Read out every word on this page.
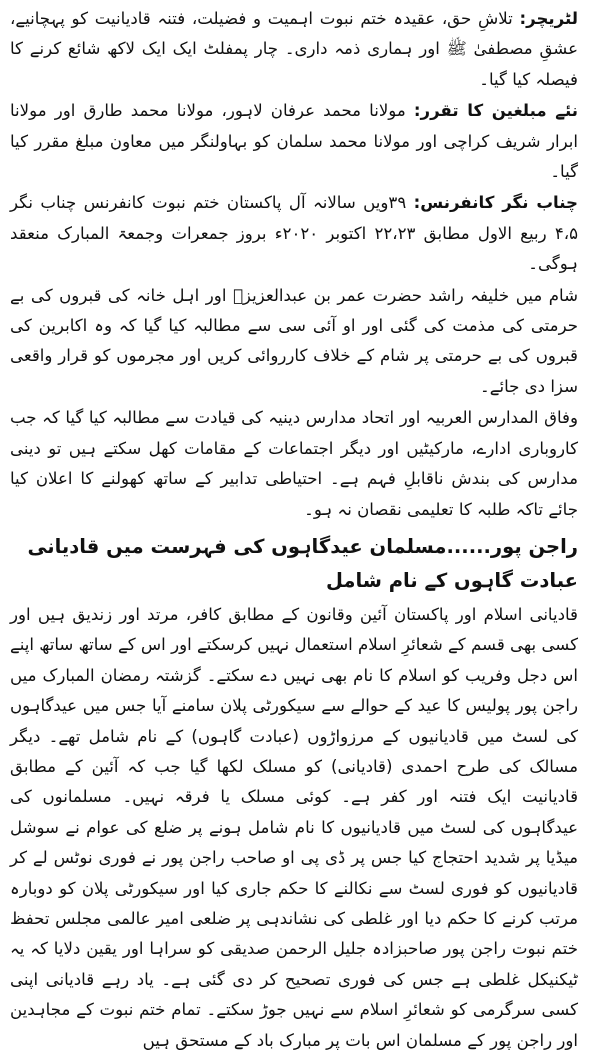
لٹریچر: تلاشِ حق، عقیدہ ختم نبوت اہمیت و فضیلت، فتنہ قادیانیت کو پہچانیے، عشقِ مصطفیٰ ﷺ اور ہماری ذمہ داری۔ چار پمفلٹ ایک ایک لاکھ شائع کرنے کا فیصلہ کیا گیا۔

نئے مبلغین کا تقرر: مولانا محمد عرفان لاہور، مولانا محمد طارق اور مولانا ابرار شریف کراچی اور مولانا محمد سلمان کو بہاولنگر میں معاون مبلغ مقرر کیا گیا۔

چناب نگر کانفرنس: ۳۹ویں سالانہ آل پاکستان ختم نبوت کانفرنس چناب نگر ۴،۵ ربیع الاول مطابق ۲۲،۲۳ اکتوبر ۲۰۲۰ء بروز جمعرات وجمعۃ المبارک منعقد ہوگی۔

شام میں خلیفہ راشد حضرت عمر بن عبدالعزیزؒ اور اہل خانہ کی قبروں کی بے حرمتی کی مذمت کی گئی اور او آئی سی سے مطالبہ کیا گیا کہ وہ اکابرین کی قبروں کی بے حرمتی پر شام کے خلاف کارروائی کریں اور مجرموں کو قرار واقعی سزا دی جائے۔

وفاق المدارس العربیہ اور اتحاد مدارس دینیہ کی قیادت سے مطالبہ کیا گیا کہ جب کاروباری ادارے، مارکیٹیں اور دیگر اجتماعات کے مقامات کھل سکتے ہیں تو دینی مدارس کی بندش ناقابلِ فہم ہے۔ احتیاطی تدابیر کے ساتھ کھولنے کا اعلان کیا جائے تاکہ طلبہ کا تعلیمی نقصان نہ ہو۔

راجن پور......مسلمان عیدگاہوں کی فہرست میں قادیانی عبادت گاہوں کے نام شامل

قادیانی اسلام اور پاکستان آئین وقانون کے مطابق کافر، مرتد اور زندیق ہیں اور کسی بھی قسم کے شعائرِ اسلام استعمال نہیں کرسکتے اور اس کے ساتھ ساتھ اپنے اس دجل وفریب کو اسلام کا نام بھی نہیں دے سکتے۔ گزشتہ رمضان المبارک میں راجن پور پولیس کا عید کے حوالے سے سیکورٹی پلان سامنے آیا جس میں عیدگاہوں کی لسٹ میں قادیانیوں کے مرزواڑوں (عبادت گاہوں) کے نام شامل تھے۔ دیگر مسالک کی طرح احمدی (قادیانی) کو مسلک لکھا گیا جب کہ آئین کے مطابق قادیانیت ایک فتنہ اور کفر ہے۔ کوئی مسلک یا فرقہ نہیں۔ مسلمانوں کی عیدگاہوں کی لسٹ میں قادیانیوں کا نام شامل ہونے پر ضلع کی عوام نے سوشل میڈیا پر شدید احتجاج کیا جس پر ڈی پی او صاحب راجن پور نے فوری نوٹس لے کر قادیانیوں کو فوری لسٹ سے نکالنے کا حکم جاری کیا اور سیکورٹی پلان کو دوبارہ مرتب کرنے کا حکم دیا اور غلطی کی نشاندہی پر ضلعی امیر عالمی مجلس تحفظ ختم نبوت راجن پور صاحبزادہ جلیل الرحمن صدیقی کو سراہا اور یقین دلایا کہ یہ ٹیکنیکل غلطی ہے جس کی فوری تصحیح کر دی گئی ہے۔ یاد رہے قادیانی اپنی کسی سرگرمی کو شعائرِ اسلام سے نہیں جوڑ سکتے۔ تمام ختم نبوت کے مجاہدین اور راجن پور کے مسلمان اس بات پر مبارک باد کے مستحق ہیں
